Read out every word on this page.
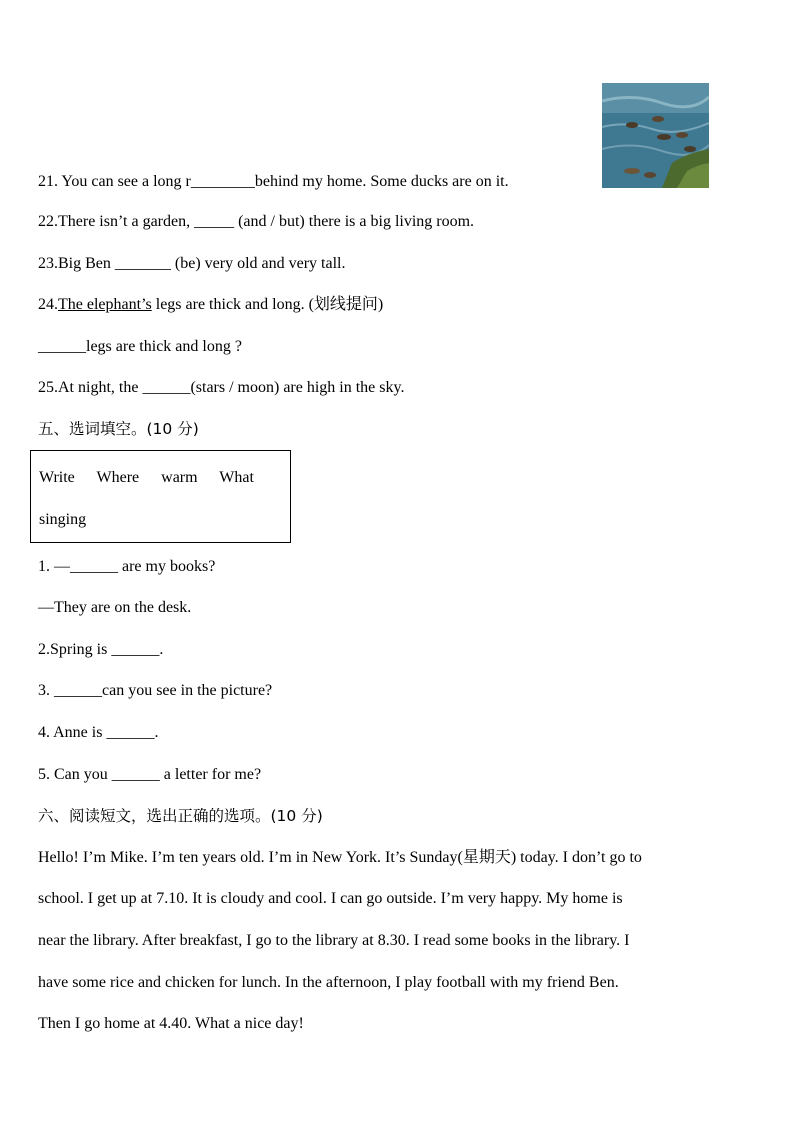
21. You can see a long r________behind my home. Some ducks are on it.
22.There isn’t a garden, _____ (and / but) there is a big living room.
23.Big Ben _______ (be) very old and very tall.
24.The elephant’s legs are thick and long. (划线提问)
______legs are thick and long ?
25.At night, the ______(stars / moon) are high in the sky.
五、选词填空。(10 分)
Write Where warm What
singing
1. —______ are my books?
—They are on the desk.
2.Spring is ______.
3. ______can you see in the picture?
4. Anne is ______.
5. Can you ______ a letter for me?
六、阅读短文，选出正确的选项。(10 分)
Hello! I’m Mike. I’m ten years old. I’m in New York. It’s Sunday(星期天) today. I don’t go to
school. I get up at 7.10. It is cloudy and cool. I can go outside. I’m very happy. My home is
near the library. After breakfast, I go to the library at 8.30. I read some books in the library. I
have some rice and chicken for lunch. In the afternoon, I play football with my friend Ben.
Then I go home at 4.40. What a nice day!
